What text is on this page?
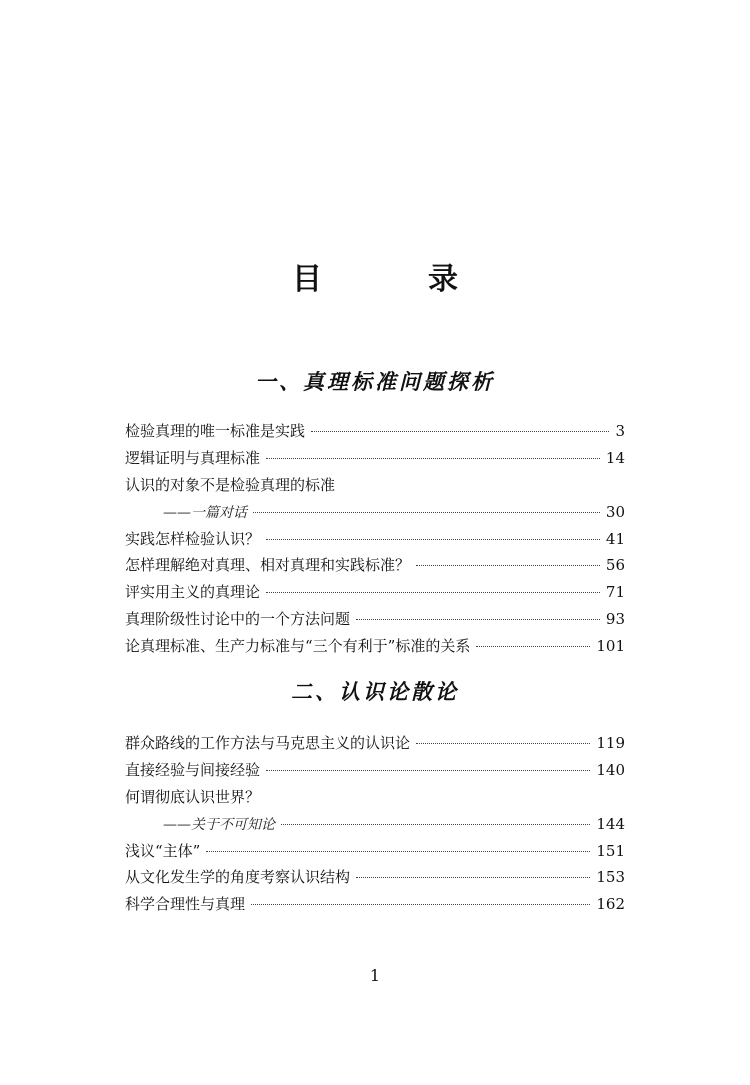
目　录
一、真理标准问题探析
检验真理的唯一标准是实践	3
逻辑证明与真理标准	14
认识的对象不是检验真理的标准
——一篇对话	30
实践怎样检验认识？	41
怎样理解绝对真理、相对真理和实践标准？	56
评实用主义的真理论	71
真理阶级性讨论中的一个方法问题	93
论真理标准、生产力标准与“三个有利于”标准的关系	101
二、认识论散论
群众路线的工作方法与马克思主义的认识论	119
直接经验与间接经验	140
何谓彻底认识世界？
——关于不可知论	144
浅议“主体”	151
从文化发生学的角度考察认识结构	153
科学合理性与真理	162
1
